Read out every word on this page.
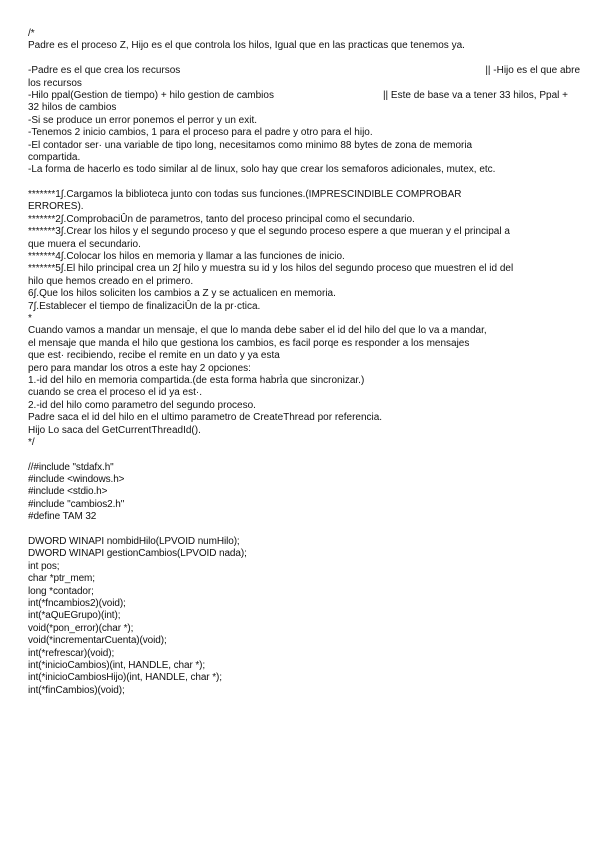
/*
Padre es el proceso Z, Hijo es el que controla los hilos, Igual que en las practicas que tenemos ya.
-Padre es el que crea los recursos	|| -Hijo es el que abre
los recursos
-Hilo ppal(Gestion de tiempo) + hilo gestion de cambios	|| Este de base va a tener 33 hilos, Ppal +
32 hilos de cambios
-Si se produce un error ponemos el perror y un exit.
-Tenemos 2 inicio cambios, 1 para el proceso para el padre y otro para el hijo.
-El contador ser· una variable de tipo long, necesitamos como minimo 88 bytes de zona de memoria
compartida.
-La forma de hacerlo es todo similar al de linux, solo hay que crear los semaforos adicionales, mutex, etc.
*******1∫.Cargamos la biblioteca junto con todas sus funciones.(IMPRESCINDIBLE COMPROBAR
ERRORES).
*******2∫.ComprobaciÛn de parametros, tanto del proceso principal como el secundario.
*******3∫.Crear los hilos y el segundo proceso y que el segundo proceso espere a que mueran y el principal a
que muera el secundario.
*******4∫.Colocar los hilos en memoria y llamar a las funciones de inicio.
*******5∫.El hilo principal crea un 2∫ hilo y muestra su id y los hilos del segundo proceso que muestren el id del
hilo que hemos creado en el primero.
6∫.Que los hilos soliciten los cambios a Z y se actualicen en memoria.
7∫.Establecer el tiempo de finalizaciÛn de la pr·ctica.
*
Cuando vamos a mandar un mensaje, el que lo manda debe saber el id del hilo del que lo va a mandar,
el mensaje que manda el hilo que gestiona los cambios, es facil porqe es responder a los mensajes
que est· recibiendo, recibe el remite en un dato y ya esta
pero para mandar los otros a este hay 2 opciones:
1.-id del hilo en memoria compartida.(de esta forma habrÌa que sincronizar.)
cuando se crea el proceso el id ya est·.
2.-id del hilo como parametro del segundo proceso.
Padre saca el id del hilo en el ultimo parametro de CreateThread por referencia.
Hijo Lo saca del GetCurrentThreadId().
*/
//#include "stdafx.h"
#include <windows.h>
#include <stdio.h>
#include "cambios2.h"
#define TAM 32
DWORD WINAPI nombidHilo(LPVOID numHilo);
DWORD WINAPI gestionCambios(LPVOID nada);
int pos;
char *ptr_mem;
long *contador;
int(*fncambios2)(void);
int(*aQuEGrupo)(int);
void(*pon_error)(char *);
void(*incrementarCuenta)(void);
int(*refrescar)(void);
int(*inicioCambios)(int, HANDLE, char *);
int(*inicioCambiosHijo)(int, HANDLE, char *);
int(*finCambios)(void);
